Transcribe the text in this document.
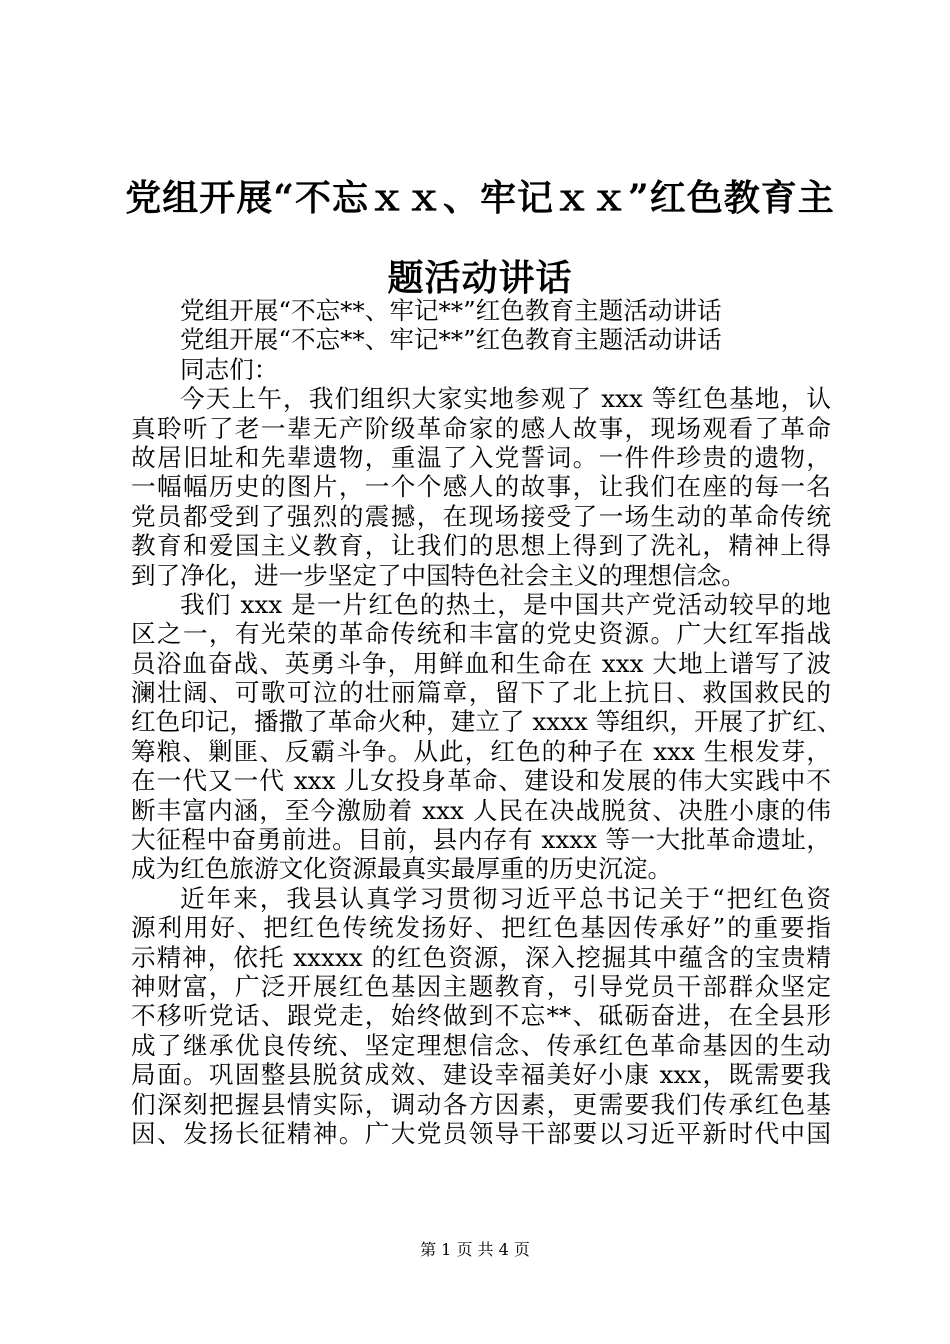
党组开展“不忘ｘｘ、牢记ｘｘ”红色教育主
题活动讲话
党组开展“不忘**、牢记**”红色教育主题活动讲话
党组开展“不忘**、牢记**”红色教育主题活动讲话
同志们：
今天上午，我们组织大家实地参观了 xxx 等红色基地，认
真聆听了老一辈无产阶级革命家的感人故事，现场观看了革命
故居旧址和先辈遗物，重温了入党誓词。一件件珍贵的遗物，
一幅幅历史的图片，一个个感人的故事，让我们在座的每一名
党员都受到了强烈的震撼，在现场接受了一场生动的革命传统
教育和爱国主义教育，让我们的思想上得到了洗礼，精神上得
到了净化，进一步坚定了中国特色社会主义的理想信念。
我们 xxx 是一片红色的热土，是中国共产党活动较早的地
区之一，有光荣的革命传统和丰富的党史资源。广大红军指战
员浴血奋战、英勇斗争，用鲜血和生命在 xxx 大地上谱写了波
澜壮阔、可歌可泣的壮丽篇章，留下了北上抗日、救国救民的
红色印记，播撒了革命火种，建立了 xxxx 等组织，开展了扩红、
筹粮、剿匪、反霸斗争。从此，红色的种子在 xxx 生根发芽，
在一代又一代 xxx 儿女投身革命、建设和发展的伟大实践中不
断丰富内涵，至今激励着 xxx 人民在决战脱贫、决胜小康的伟
大征程中奋勇前进。目前，县内存有 xxxx 等一大批革命遗址，
成为红色旅游文化资源最真实最厚重的历史沉淀。
近年来，我县认真学习贯彻习近平总书记关于“把红色资
源利用好、把红色传统发扬好、把红色基因传承好”的重要指
示精神，依托 xxxxx 的红色资源，深入挖掘其中蕴含的宝贵精
神财富，广泛开展红色基因主题教育，引导党员干部群众坚定
不移听党话、跟党走，始终做到不忘**、砥砺奋进，在全县形
成了继承优良传统、坚定理想信念、传承红色革命基因的生动
局面。巩固整县脱贫成效、建设幸福美好小康 xxx，既需要我
们深刻把握县情实际，调动各方因素，更需要我们传承红色基
因、发扬长征精神。广大党员领导干部要以习近平新时代中国
第 1 页 共 4 页
